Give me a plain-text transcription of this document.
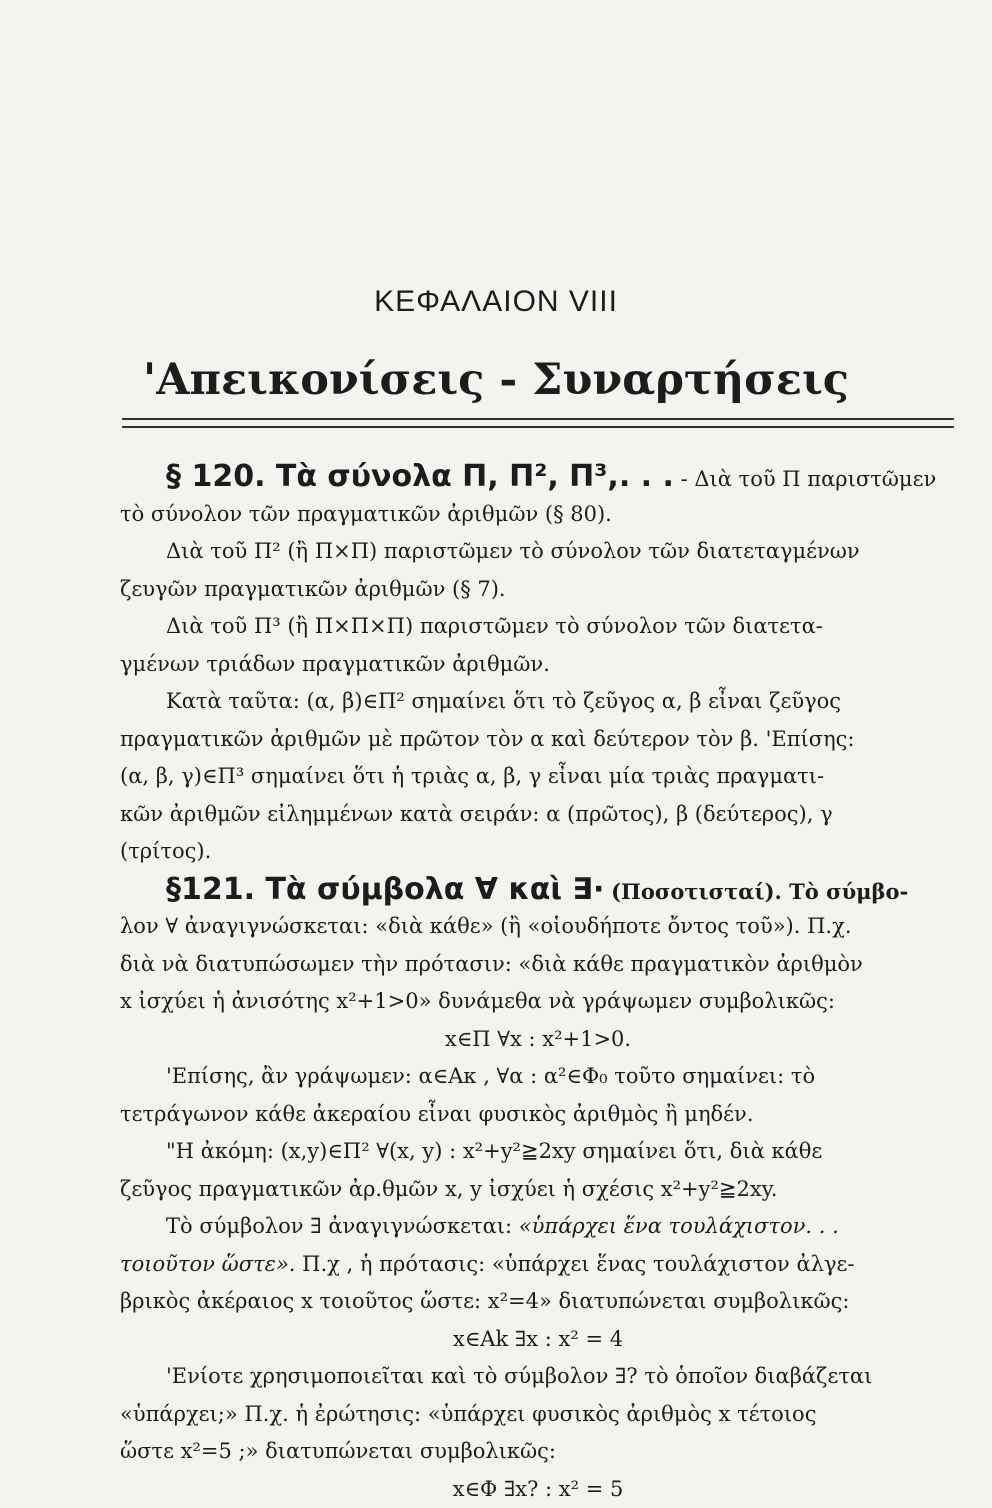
ΚΕΦΑΛΑΙΟΝ VIII
'Απεικονίσεις - Συναρτήσεις
§ 120. Τὰ σύνολα Π, Π², Π³,. . . - Διὰ τοῦ Π παριστῶμεν
τὸ σύνολον τῶν πραγματικῶν ἀριθμῶν (§ 80).
Διὰ τοῦ Π² (ἢ Π×Π) παριστῶμεν τὸ σύνολον τῶν διατεταγμένων
ζευγῶν πραγματικῶν ἀριθμῶν (§ 7).
Διὰ τοῦ Π³ (ἢ Π×Π×Π) παριστῶμεν τὸ σύνολον τῶν διατετα-
γμένων τριάδων πραγματικῶν ἀριθμῶν.
Κατὰ ταῦτα: (α, β)∈Π² σημαίνει ὅτι τὸ ζεῦγος α, β εἶναι ζεῦγος
πραγματικῶν ἀριθμῶν μὲ πρῶτον τὸν α καὶ δεύτερον τὸν β. 'Επίσης:
(α, β, γ)∈Π³ σημαίνει ὅτι ἡ τριὰς α, β, γ εἶναι μία τριὰς πραγματι-
κῶν ἀριθμῶν εἰλημμένων κατὰ σειράν: α (πρῶτος), β (δεύτερος), γ
(τρίτος).
§121. Τὰ σύμβολα ∀ καὶ ∃· (Ποσοτισταί). Τὸ σύμβο-
λον ∀ ἀναγιγνώσκεται: «διὰ κάθε» (ἢ «οἱουδήποτε ὄντος τοῦ»). Π.χ.
διὰ νὰ διατυπώσωμεν τὴν πρότασιν: «διὰ κάθε πραγματικὸν ἀριθμὸν
x ἰσχύει ἡ ἀνισότης x²+1>0» δυνάμεθα νὰ γράψωμεν συμβολικῶς:
x∈Π ∀x : x²+1>0.
'Επίσης, ἂν γράψωμεν: α∈Ακ , ∀α : α²∈Φ₀ τοῦτο σημαίνει: τὸ
τετράγωνον κάθε ἀκεραίου εἶναι φυσικὸς ἀριθμὸς ἢ μηδέν.
"Η ἀκόμη: (x,y)∈Π² ∀(x, y) : x²+y²≧2xy σημαίνει ὅτι, διὰ κάθε
ζεῦγος πραγματικῶν ἀρ.θμῶν x, y ἰσχύει ἡ σχέσις x²+y²≧2xy.
Τὸ σύμβολον ∃ ἀναγιγνώσκεται: «ὑπάρχει ἕνα τουλάχιστον. . .
τοιοῦτον ὥστε». Π.χ , ἡ πρότασις: «ὑπάρχει ἕνας τουλάχιστον ἀλγε-
βρικὸς ἀκέραιος x τοιοῦτος ὥστε: x²=4» διατυπώνεται συμβολικῶς:
x∈Αk ∃x : x² = 4
'Ενίοτε χρησιμοποιεῖται καὶ τὸ σύμβολον ∃? τὸ ὁποῖον διαβάζεται
«ὑπάρχει;» Π.χ. ἡ ἐρώτησις: «ὑπάρχει φυσικὸς ἀριθμὸς x τέτοιος
ὥστε x²=5 ;» διατυπώνεται συμβολικῶς:
x∈Φ ∃x? : x² = 5
